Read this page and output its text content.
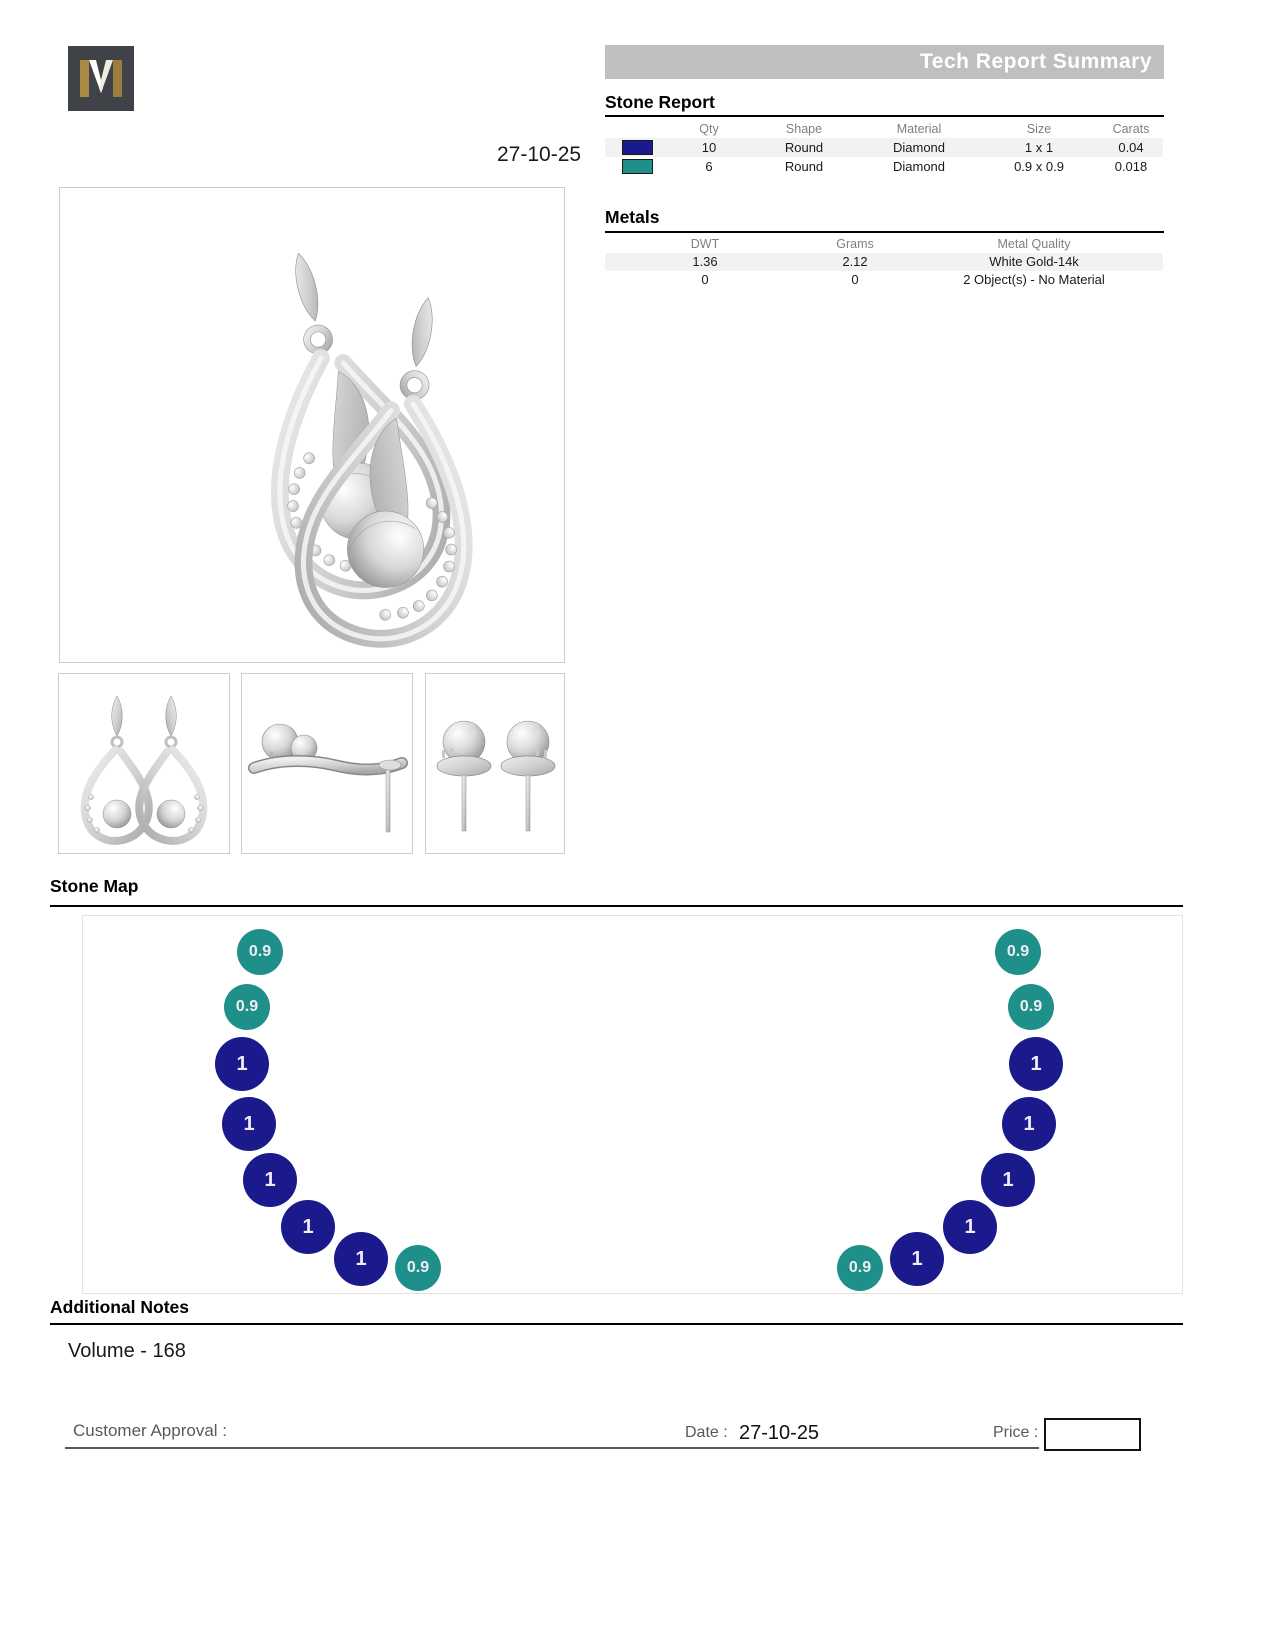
Tech Report Summary
Stone Report
Qty	Shape	Material	Size	Carats
10	Round	Diamond	1 x 1	0.04
6	Round	Diamond	0.9 x 0.9	0.018
Metals
DWT	Grams	Metal Quality
1.36	2.12	White Gold-14k
0	0	2 Object(s) - No Material
27-10-25
Stone Map
0.9
0.9
1
1
1
1
1	0.9
0.9
0.9
1
1
1
1
1
0.9
Additional Notes
Volume - 168
Customer Approval :	Date : 27-10-25	Price :
